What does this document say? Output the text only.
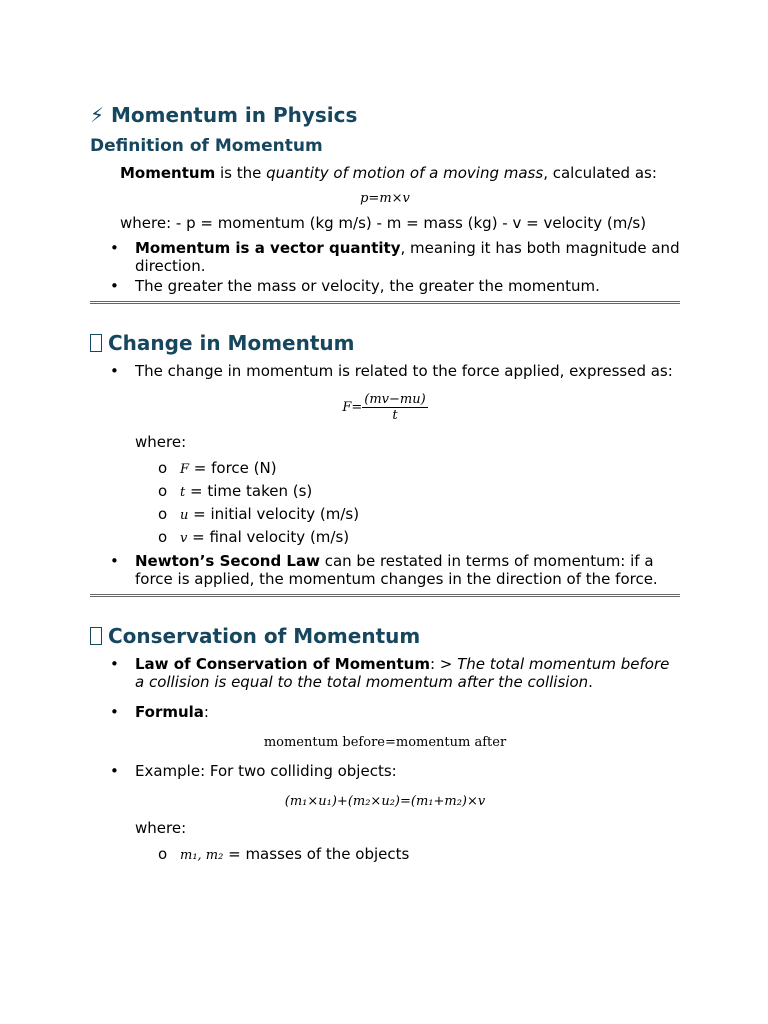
⚡ Momentum in Physics
Definition of Momentum
Momentum is the quantity of motion of a moving mass, calculated as:
p=m×v
where: - p = momentum (kg m/s) - m = mass (kg) - v = velocity (m/s)
• Momentum is a vector quantity, meaning it has both magnitude and direction.
• The greater the mass or velocity, the greater the momentum.
Change in Momentum
• The change in momentum is related to the force applied, expressed as:
$F= \frac{(mv-mu)}{t}$
where:
o F = force (N)
o t = time taken (s)
o u = initial velocity (m/s)
o v = final velocity (m/s)
• Newton’s Second Law can be restated in terms of momentum: if a force is applied, the momentum changes in the direction of the force.
Conservation of Momentum
• Law of Conservation of Momentum: > The total momentum before a collision is equal to the total momentum after the collision.
• Formula:
momentum before=momentum after
• Example: For two colliding objects:
(m₁×u₁)+(m₂×u₂)=(m₁+m₂)×v
where:
o m₁, m₂ = masses of the objects
